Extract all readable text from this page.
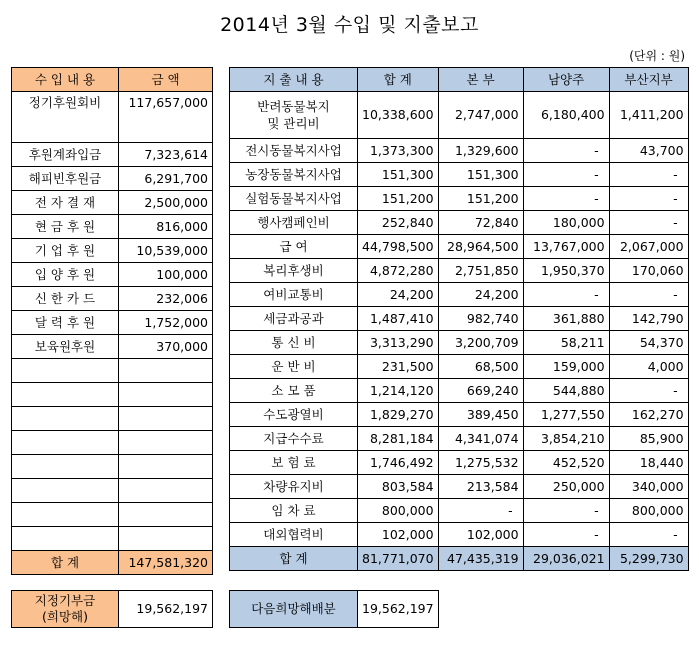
2014년 3월 수입 및 지출보고
(단위 : 원)
수 입 내 용	금 액
정기후원회비	117,657,000
후원계좌입금	7,323,614
해피빈후원금	6,291,700
전 자 결 재	2,500,000
현 금 후 원	816,000
기 업 후 원	10,539,000
입 양 후 원	100,000
신 한 카 드	232,006
달 력 후 원	1,752,000
보육원후원	370,000

합 계	147,581,320
지 출 내 용	합 계	본 부	남양주	부산지부
반려동물복지
및 관리비	10,338,600	2,747,000	6,180,400	1,411,200
전시동물복지사업	1,373,300	1,329,600	-	43,700
농장동물복지사업	151,300	151,300	-	-
실험동물복지사업	151,200	151,200	-	-
행사캠페인비	252,840	72,840	180,000	-
급 여	44,798,500	28,964,500	13,767,000	2,067,000
복리후생비	4,872,280	2,751,850	1,950,370	170,060
여비교통비	24,200	24,200	-	-
세금과공과	1,487,410	982,740	361,880	142,790
통 신 비	3,313,290	3,200,709	58,211	54,370
운 반 비	231,500	68,500	159,000	4,000
소 모 품	1,214,120	669,240	544,880	-
수도광열비	1,829,270	389,450	1,277,550	162,270
지급수수료	8,281,184	4,341,074	3,854,210	85,900
보 험 료	1,746,492	1,275,532	452,520	18,440
차량유지비	803,584	213,584	250,000	340,000
임 차 료	800,000	-	-	800,000
대외협력비	102,000	102,000	-	-
합 계	81,771,070	47,435,319	29,036,021	5,299,730
지정기부금
(희망해)
	19,562,197	다음희망해배분	19,562,197
